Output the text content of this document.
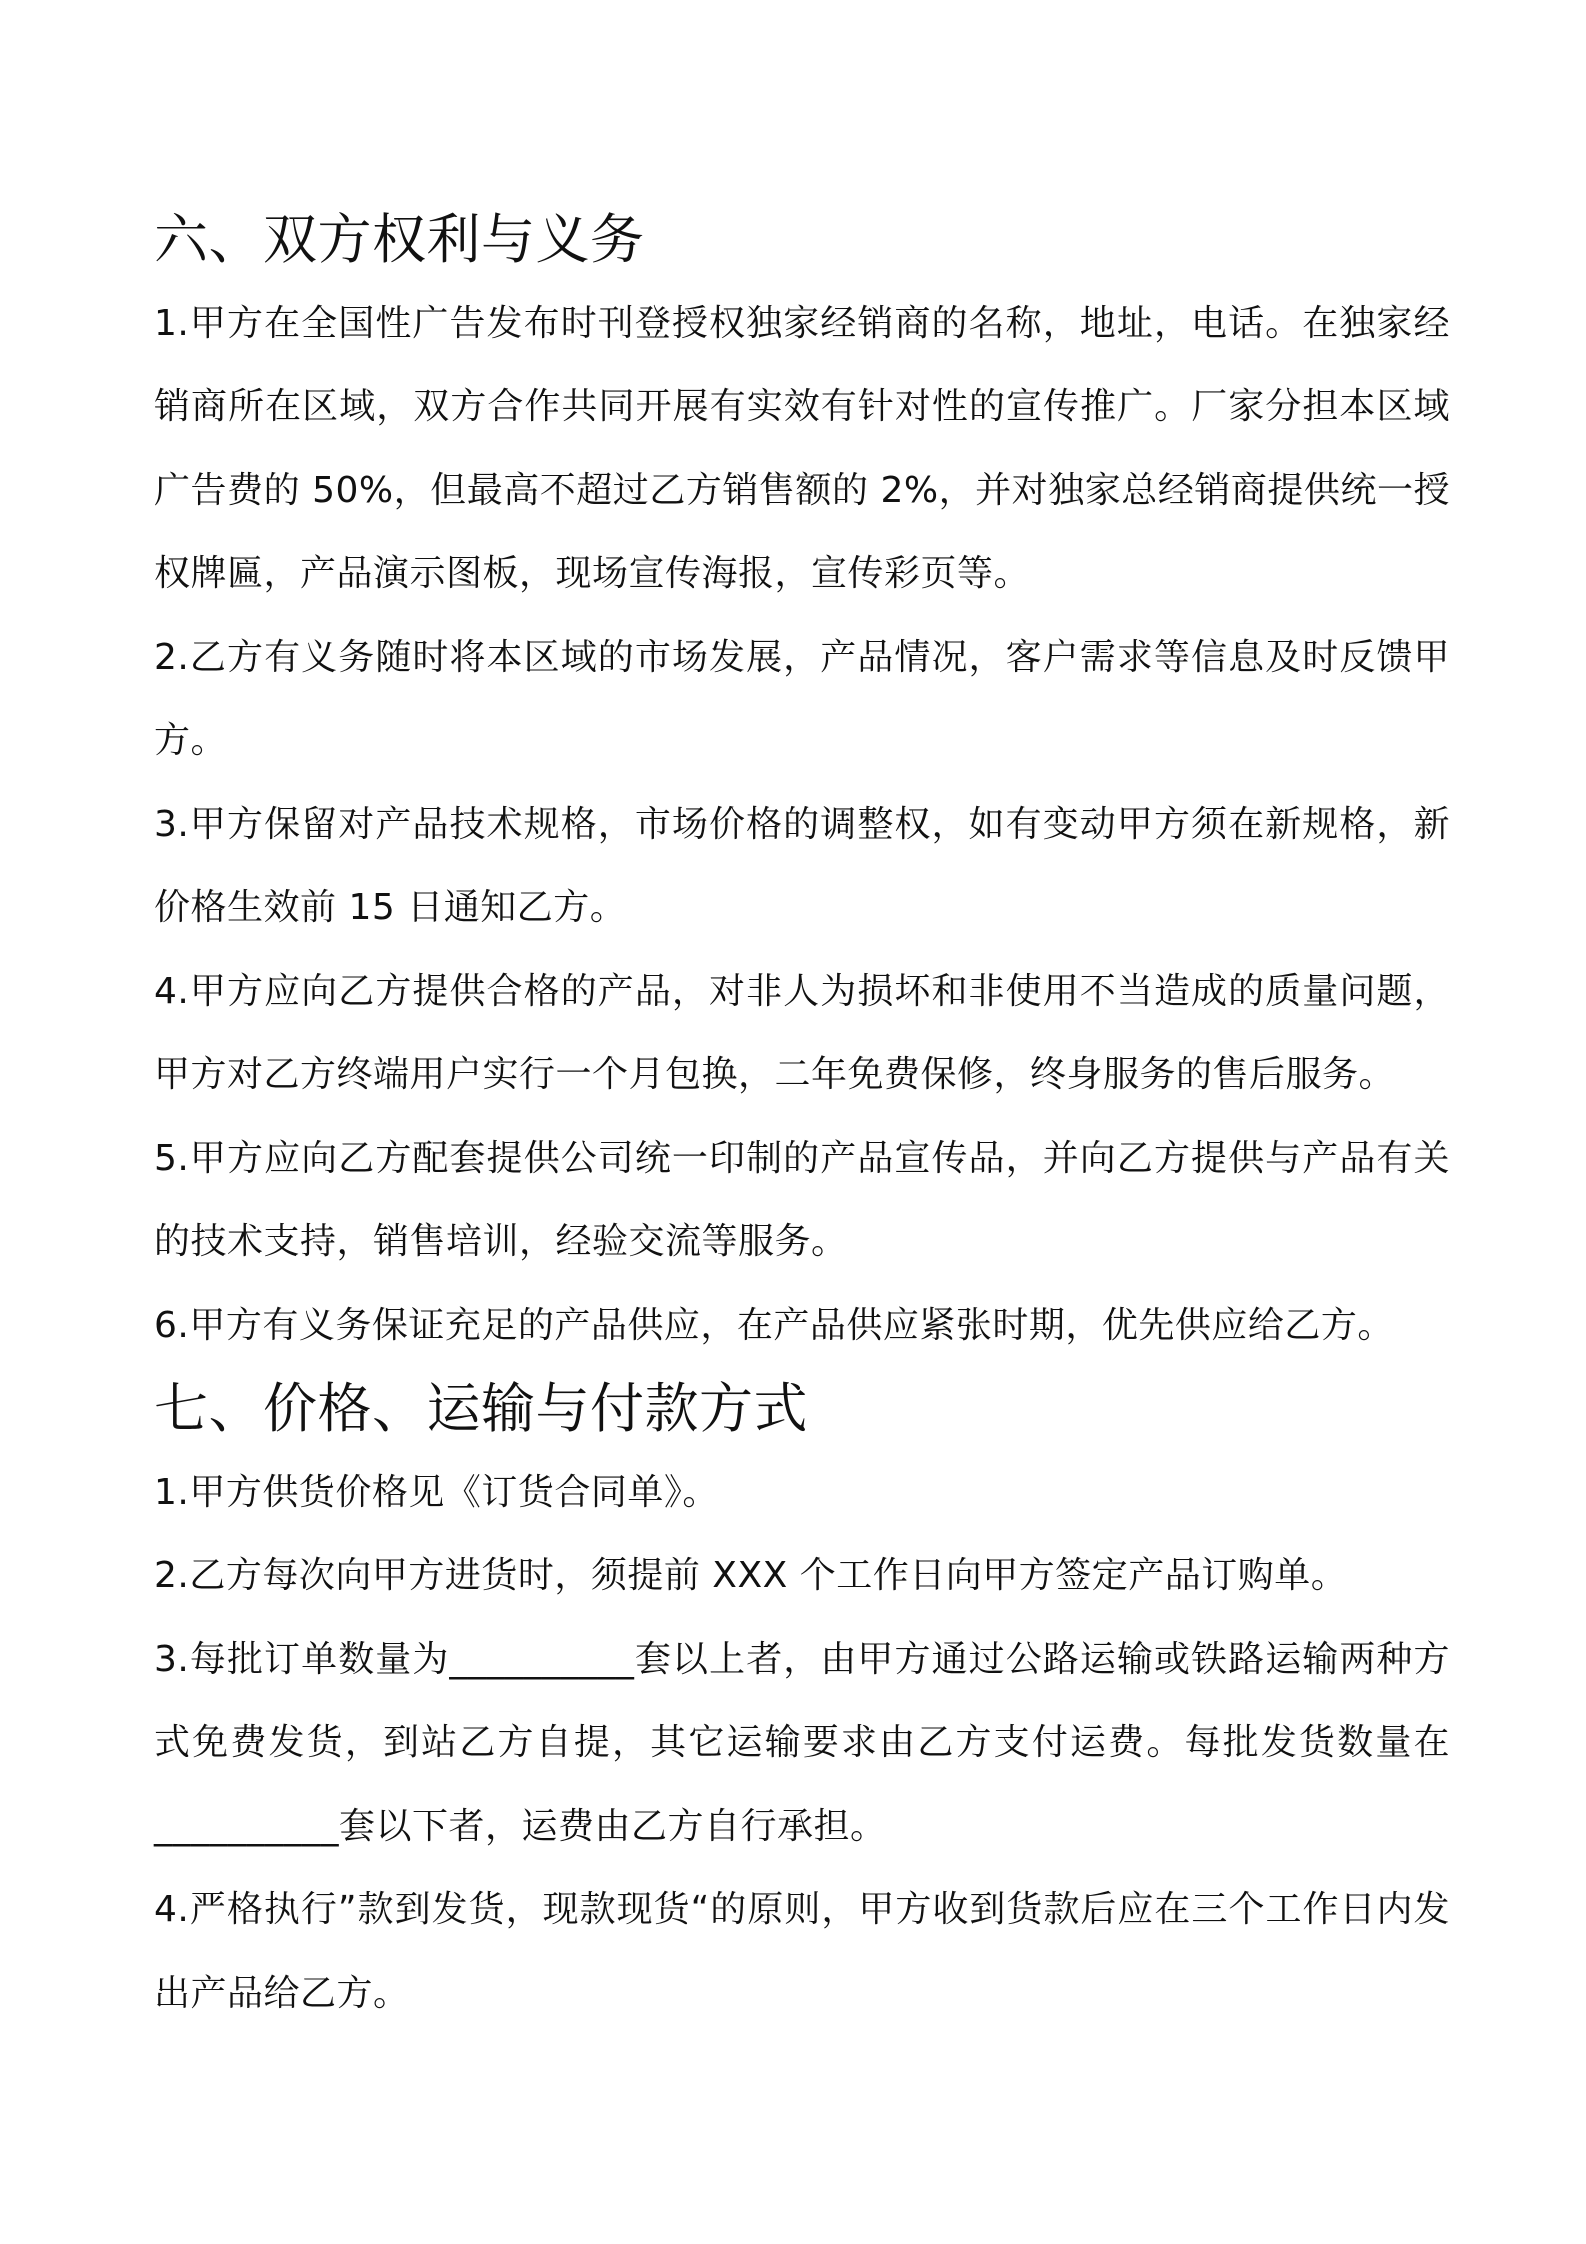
六、双方权利与义务

1.甲方在全国性广告发布时刊登授权独家经销商的名称，地址，电话。在独家经销商所在区域，双方合作共同开展有实效有针对性的宣传推广。厂家分担本区域广告费的 50%，但最高不超过乙方销售额的 2%，并对独家总经销商提供统一授权牌匾，产品演示图板，现场宣传海报，宣传彩页等。

2.乙方有义务随时将本区域的市场发展，产品情况，客户需求等信息及时反馈甲方。

3.甲方保留对产品技术规格，市场价格的调整权，如有变动甲方须在新规格，新价格生效前 15 日通知乙方。

4.甲方应向乙方提供合格的产品，对非人为损坏和非使用不当造成的质量问题，甲方对乙方终端用户实行一个月包换，二年免费保修，终身服务的售后服务。

5.甲方应向乙方配套提供公司统一印制的产品宣传品，并向乙方提供与产品有关的技术支持，销售培训，经验交流等服务。

6.甲方有义务保证充足的产品供应，在产品供应紧张时期，优先供应给乙方。

七、价格、运输与付款方式

1.甲方供货价格见《订货合同单》。

2.乙方每次向甲方进货时，须提前 XXX 个工作日向甲方签定产品订购单。

3.每批订单数量为__________套以上者，由甲方通过公路运输或铁路运输两种方式免费发货，到站乙方自提，其它运输要求由乙方支付运费。每批发货数量在__________套以下者，运费由乙方自行承担。

4.严格执行”款到发货，现款现货“的原则，甲方收到货款后应在三个工作日内发出产品给乙方。
